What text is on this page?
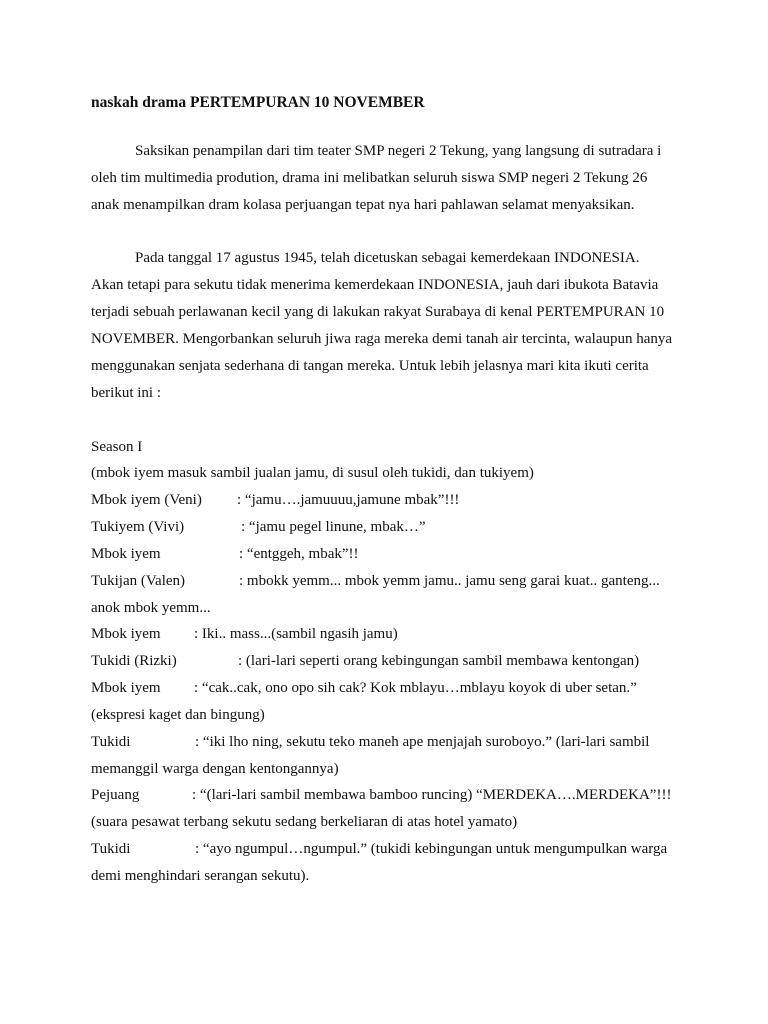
naskah drama PERTEMPURAN 10 NOVEMBER
Saksikan penampilan dari tim teater SMP negeri 2 Tekung, yang langsung di sutradara i
oleh tim multimedia prodution, drama ini melibatkan seluruh siswa SMP negeri 2 Tekung 26
anak menampilkan dram kolasa perjuangan tepat nya hari pahlawan selamat menyaksikan.
Pada tanggal 17 agustus 1945, telah dicetuskan sebagai kemerdekaan INDONESIA.
Akan tetapi para sekutu tidak menerima kemerdekaan INDONESIA, jauh dari ibukota Batavia
terjadi sebuah perlawanan kecil yang di lakukan rakyat Surabaya di kenal PERTEMPURAN 10
NOVEMBER. Mengorbankan seluruh jiwa raga mereka demi tanah air tercinta, walaupun hanya
menggunakan senjata sederhana di tangan mereka. Untuk lebih jelasnya mari kita ikuti cerita
berikut ini :
Season I
(mbok iyem masuk sambil jualan jamu, di susul oleh tukidi, dan tukiyem)
Mbok iyem (Veni) : “jamu….jamuuuu,jamune mbak”!!!
Tukiyem (Vivi)	: “jamu pegel linune, mbak…”
Mbok iyem	: “entggeh, mbak”!!
Tukijan (Valen)	: mbokk yemm... mbok yemm jamu.. jamu seng garai kuat.. ganteng...
anok mbok yemm...
Mbok iyem : Iki.. mass...(sambil ngasih jamu)
Tukidi (Rizki)	: (lari-lari seperti orang kebingungan sambil membawa kentongan)
Mbok iyem : “cak..cak, ono opo sih cak? Kok mblayu…mblayu koyok di uber setan.”
(ekspresi kaget dan bingung)
Tukidi	: “iki lho ning, sekutu teko maneh ape menjajah suroboyo.” (lari-lari sambil
memanggil warga dengan kentongannya)
Pejuang	: “(lari-lari sambil membawa bamboo runcing) “MERDEKA….MERDEKA”!!!
(suara pesawat terbang sekutu sedang berkeliaran di atas hotel yamato)
Tukidi	: “ayo ngumpul…ngumpul.” (tukidi kebingungan untuk mengumpulkan warga
demi menghindari serangan sekutu).
